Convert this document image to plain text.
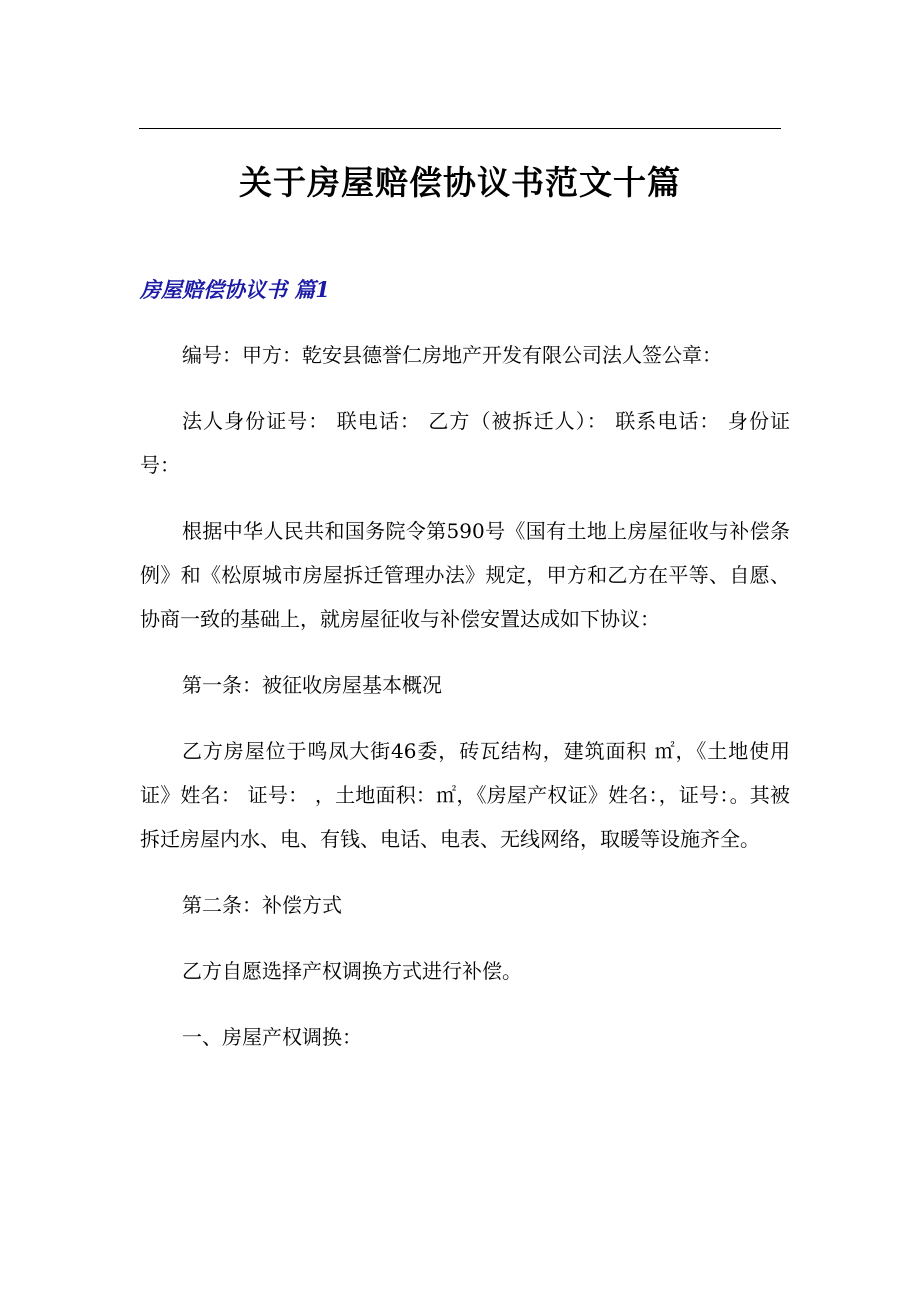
关于房屋赔偿协议书范文十篇
房屋赔偿协议书 篇1

编号：甲方：乾安县德誉仁房地产开发有限公司法人签公章：

法人身份证号： 联电话： 乙方（被拆迁人）： 联系电话： 身份证号：

根据中华人民共和国务院令第590号《国有土地上房屋征收与补偿条例》和《松原城市房屋拆迁管理办法》规定，甲方和乙方在平等、自愿、协商一致的基础上，就房屋征收与补偿安置达成如下协议：

第一条：被征收房屋基本概况

乙方房屋位于鸣凤大街46委，砖瓦结构，建筑面积 ㎡，《土地使用证》姓名： 证号： ，土地面积：㎡，《房屋产权证》姓名：，证号：。其被拆迁房屋内水、电、有钱、电话、电表、无线网络，取暖等设施齐全。

第二条：补偿方式

乙方自愿选择产权调换方式进行补偿。

一、房屋产权调换：
